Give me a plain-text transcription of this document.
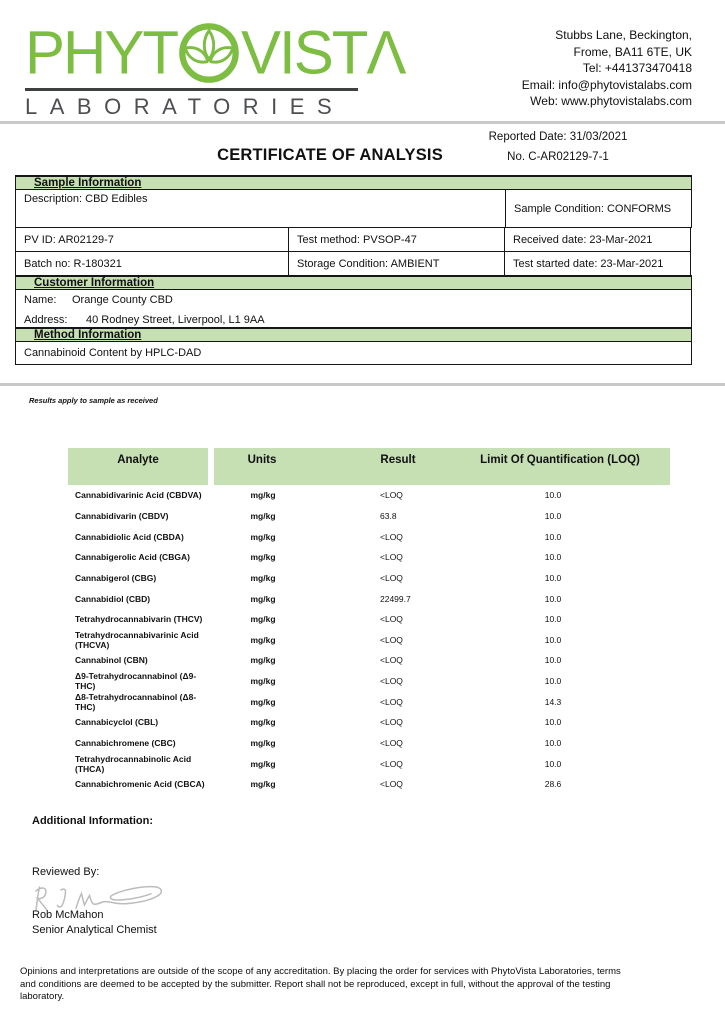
PHYT VIST Λ
LABORATORIES
Stubbs Lane, Beckington,
Frome, BA11 6TE, UK
Tel: +441373470418
Email: info@phytovistalabs.com
Web: www.phytovistalabs.com
Reported Date: 31/03/2021
CERTIFICATE OF ANALYSIS	No. C-AR02129-7-1
Sample Information
Description: CBD Edibles
Sample Condition: CONFORMS
PV ID: AR02129-7	Test method: PVSOP-47	Received date: 23-Mar-2021
Batch no: R-180321	Storage Condition: AMBIENT	Test started date: 23-Mar-2021
Customer Information
Name: Orange County CBD
Address: 40 Rodney Street, Liverpool, L1 9AA
Method Information
Cannabinoid Content by HPLC-DAD
Results apply to sample as received
Analyte	Units	Result	Limit Of Quantification (LOQ)
Cannabidivarinic Acid (CBDVA)	mg/kg	<LOQ	10.0
Cannabidivarin (CBDV)	mg/kg	63.8	10.0
Cannabidiolic Acid (CBDA)	mg/kg	<LOQ	10.0
Cannabigerolic Acid (CBGA)	mg/kg	<LOQ	10.0
Cannabigerol (CBG)	mg/kg	<LOQ	10.0
Cannabidiol (CBD)	mg/kg	22499.7	10.0
Tetrahydrocannabivarin (THCV)	mg/kg	<LOQ	10.0
Tetrahydrocannabivarinic Acid (THCVA)	mg/kg	<LOQ	10.0
Cannabinol (CBN)	mg/kg	<LOQ	10.0
Δ9-Tetrahydrocannabinol (Δ9-THC)	mg/kg	<LOQ	10.0
Δ8-Tetrahydrocannabinol (Δ8-THC)	mg/kg	<LOQ	14.3
Cannabicyclol (CBL)	mg/kg	<LOQ	10.0
Cannabichromene (CBC)	mg/kg	<LOQ	10.0
Tetrahydrocannabinolic Acid (THCA)	mg/kg	<LOQ	10.0
Cannabichromenic Acid (CBCA)	mg/kg	<LOQ	28.6
Additional Information:
Reviewed By:
Rob McMahon
Senior Analytical Chemist
Opinions and interpretations are outside of the scope of any accreditation. By placing the order for services with PhytoVista Laboratories, terms and conditions are deemed to be accepted by the submitter. Report shall not be reproduced, except in full, without the approval of the testing laboratory.
